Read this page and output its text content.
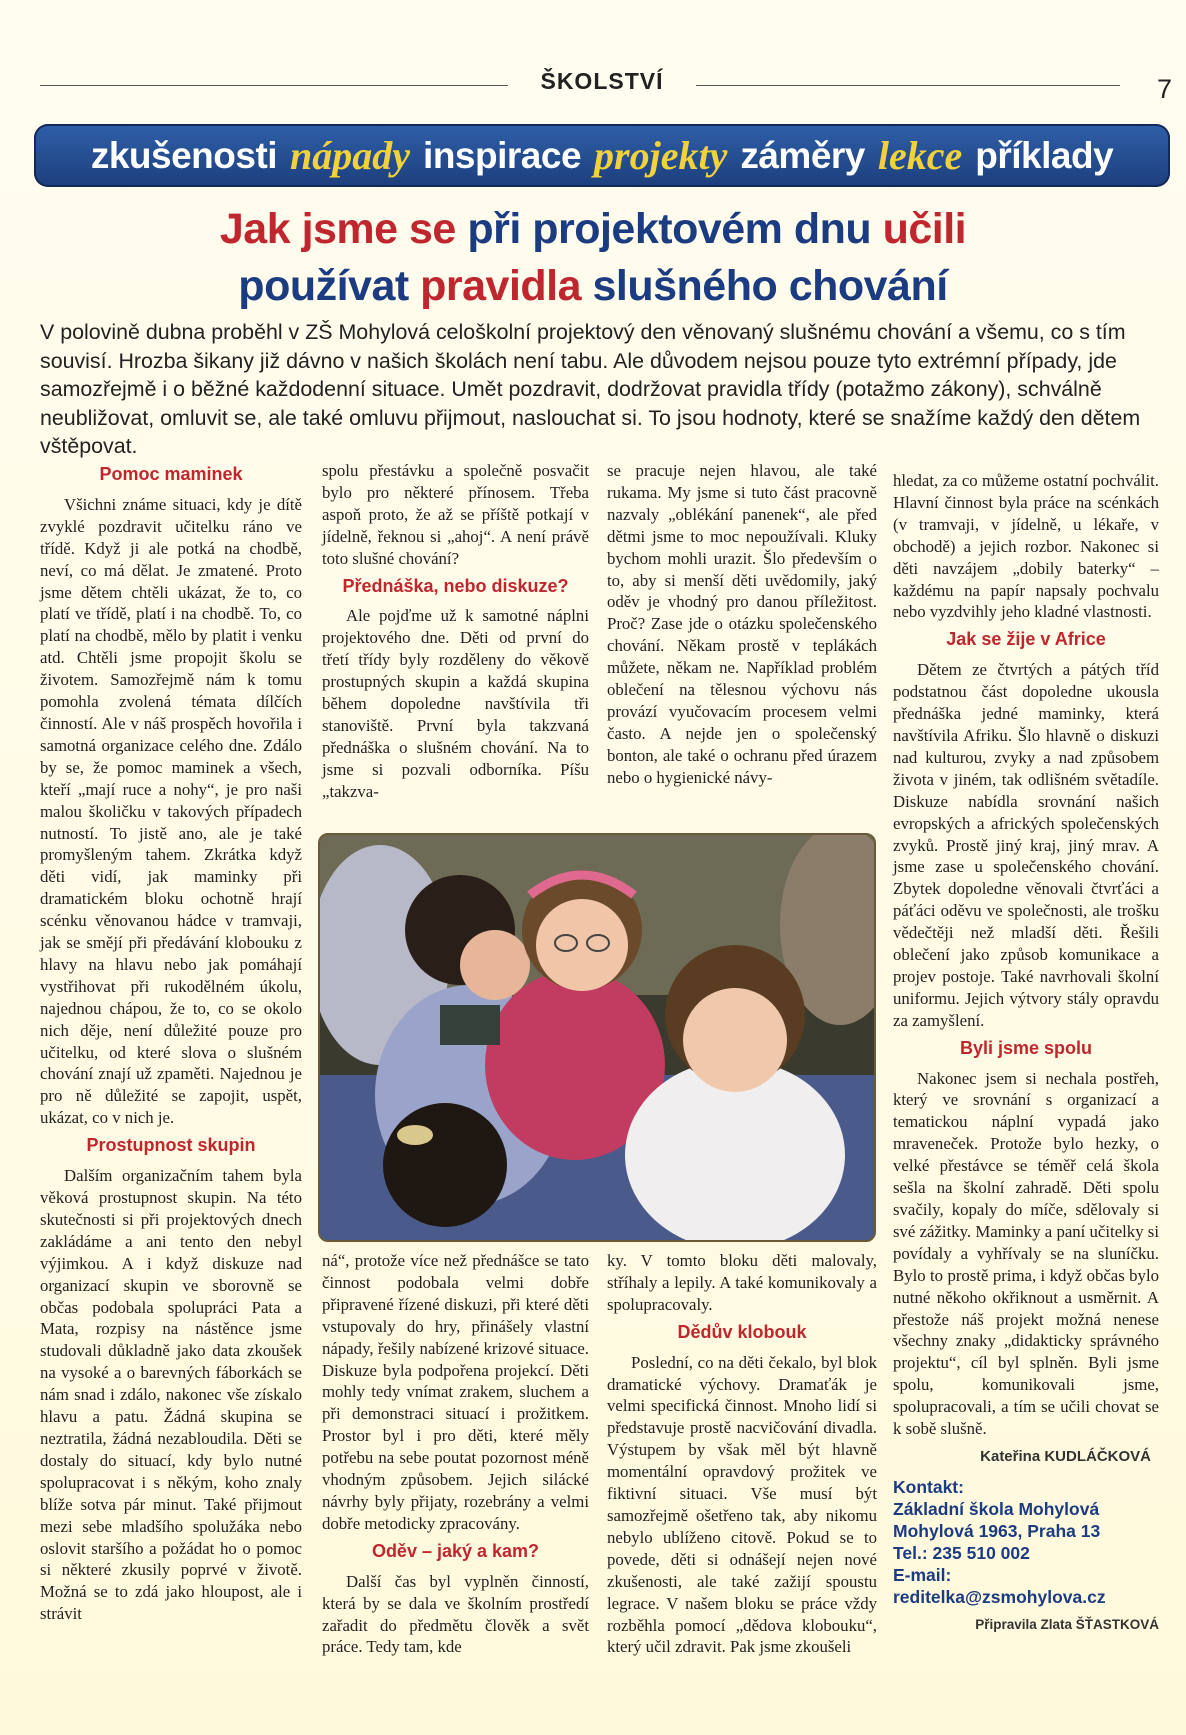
ŠKOLSTVÍ	7
zkušenosti nápady inspirace projekty záměry lekce příklady
Jak jsme se při projektovém dnu učili
používat pravidla slušného chování
V polovině dubna proběhl v ZŠ Mohylová celoškolní projektový den věnovaný slušnému chování a všemu, co s tím souvisí. Hrozba šikany již dávno v našich školách není tabu. Ale důvodem nejsou pouze tyto extrémní případy, jde samozřejmě i o běžné každodenní situace. Umět pozdravit, dodržovat pravidla třídy (potažmo zákony), schválně neubližovat, omluvit se, ale také omluvu přijmout, naslouchat si. To jsou hodnoty, které se snažíme každý den dětem vštěpovat.
Pomoc maminek

Všichni známe situaci, kdy je dítě zvyklé pozdravit učitelku ráno ve třídě. Když ji ale potká na chodbě, neví, co má dělat. Je zmatené. Proto jsme dětem chtěli ukázat, že to, co platí ve třídě, platí i na chodbě. To, co platí na chodbě, mělo by platit i venku atd. Chtěli jsme propojit školu se životem. Samozřejmě nám k tomu pomohla zvolená témata dílčích činností. Ale v náš prospěch hovořila i samotná organizace celého dne. Zdálo by se, že pomoc maminek a všech, kteří „mají ruce a nohy“, je pro naši malou školičku v takových případech nutností. To jistě ano, ale je také promyšleným tahem. Zkrátka když děti vidí, jak maminky při dramatickém bloku ochotně hrají scénku věnovanou hádce v tramvaji, jak se smějí při předávání klobouku z hlavy na hlavu nebo jak pomáhají vystřihovat při rukodělném úkolu, najednou chápou, že to, co se okolo nich děje, není důležité pouze pro učitelku, od které slova o slušném chování znají už zpaměti. Najednou je pro ně důležité se zapojit, uspět, ukázat, co v nich je.

Prostupnost skupin

Dalším organizačním tahem byla věková prostupnost skupin. Na této skutečnosti si při projektových dnech zakládáme a ani tento den nebyl výjimkou. A i když diskuze nad organizací skupin ve sborovně se občas podobala spolupráci Pata a Mata, rozpisy na nástěnce jsme studovali důkladně jako data zkoušek na vysoké a o barevných fáborkách se nám snad i zdálo, nakonec vše získalo hlavu a patu. Žádná skupina se neztratila, žádná nezabloudila. Děti se dostaly do situací, kdy bylo nutné spolupracovat i s někým, koho znaly blíže sotva pár minut. Také přijmout mezi sebe mladšího spolužáka nebo oslovit staršího a požádat ho o pomoc si některé zkusily poprvé v životě. Možná se to zdá jako hloupost, ale i strávit

spolu přestávku a společně posvačit bylo pro některé přínosem. Třeba aspoň proto, že až se příště potkají v jídelně, řeknou si „ahoj“. A není právě toto slušné chování?

Přednáška, nebo diskuze?

Ale pojďme už k samotné náplni projektového dne. Děti od první do třetí třídy byly rozděleny do věkově prostupných skupin a každá skupina během dopoledne navštívila tři stanoviště. První byla takzvaná přednáška o slušném chování. Na to jsme si pozvali odborníka. Píšu „takzva-

se pracuje nejen hlavou, ale také rukama. My jsme si tuto část pracovně nazvaly „oblékání panenek“, ale před dětmi jsme to moc nepoužívali. Kluky bychom mohli urazit. Šlo především o to, aby si menší děti uvědomily, jaký oděv je vhodný pro danou příležitost. Proč? Zase jde o otázku společenského chování. Někam prostě v teplákách můžete, někam ne. Například problém oblečení na tělesnou výchovu nás provází vyučovacím procesem velmi často. A nejde jen o společenský bonton, ale také o ochranu před úrazem nebo o hygienické návy-

ná“, protože více než přednášce se tato činnost podobala velmi dobře připravené řízené diskuzi, při které děti vstupovaly do hry, přinášely vlastní nápady, řešily nabízené krizové situace. Diskuze byla podpořena projekcí. Děti mohly tedy vnímat zrakem, sluchem a při demonstraci situací i prožitkem. Prostor byl i pro děti, které měly potřebu na sebe poutat pozornost méně vhodným způsobem. Jejich silácké návrhy byly přijaty, rozebrány a velmi dobře metodicky zpracovány.

Oděv – jaký a kam?

Další čas byl vyplněn činností, která by se dala ve školním prostředí zařadit do předmětu člověk a svět práce. Tedy tam, kde

ky. V tomto bloku děti malovaly, stříhaly a lepily. A také komunikovaly a spolupracovaly.

Dědův klobouk

Poslední, co na děti čekalo, byl blok dramatické výchovy. Dramaťák je velmi specifická činnost. Mnoho lidí si představuje prostě nacvičování divadla. Výstupem by však měl být hlavně momentální opravdový prožitek ve fiktivní situaci. Vše musí být samozřejmě ošetřeno tak, aby nikomu nebylo ublíženo citově. Pokud se to povede, děti si odnášejí nejen nové zkušenosti, ale také zažijí spoustu legrace. V našem bloku se práce vždy rozběhla pomocí „dědova klobouku“, který učil zdravit. Pak jsme zkoušeli

hledat, za co můžeme ostatní pochválit. Hlavní činnost byla práce na scénkách (v tramvaji, v jídelně, u lékaře, v obchodě) a jejich rozbor. Nakonec si děti navzájem „dobily baterky“ – každému na papír napsaly pochvalu nebo vyzdvihly jeho kladné vlastnosti.

Jak se žije v Africe

Dětem ze čtvrtých a pátých tříd podstatnou část dopoledne ukousla přednáška jedné maminky, která navštívila Afriku. Šlo hlavně o diskuzi nad kulturou, zvyky a nad způsobem života v jiném, tak odlišném světadíle. Diskuze nabídla srovnání našich evropských a afrických společenských zvyků. Prostě jiný kraj, jiný mrav. A jsme zase u společenského chování. Zbytek dopoledne věnovali čtvrťáci a páťáci oděvu ve společnosti, ale trošku vědečtěji než mladší děti. Řešili oblečení jako způsob komunikace a projev postoje. Také navrhovali školní uniformu. Jejich výtvory stály opravdu za zamyšlení.

Byli jsme spolu

Nakonec jsem si nechala postřeh, který ve srovnání s organizací a tematickou náplní vypadá jako mraveneček. Protože bylo hezky, o velké přestávce se téměř celá škola sešla na školní zahradě. Děti spolu svačily, kopaly do míče, sdělovaly si své zážitky. Maminky a paní učitelky si povídaly a vyhřívaly se na sluníčku. Bylo to prostě prima, i když občas bylo nutné někoho okřiknout a usměrnit. A přestože náš projekt možná nenese všechny znaky „didakticky správného projektu“, cíl byl splněn. Byli jsme spolu, komunikovali jsme, spolupracovali, a tím se učili chovat se k sobě slušně.

Kateřina KUDLÁČKOVÁ
Kontakt:
Základní škola Mohylová
Mohylová 1963, Praha 13
Tel.: 235 510 002
E-mail:
reditelka@zsmohylova.cz
Připravila Zlata ŠŤASTKOVÁ
